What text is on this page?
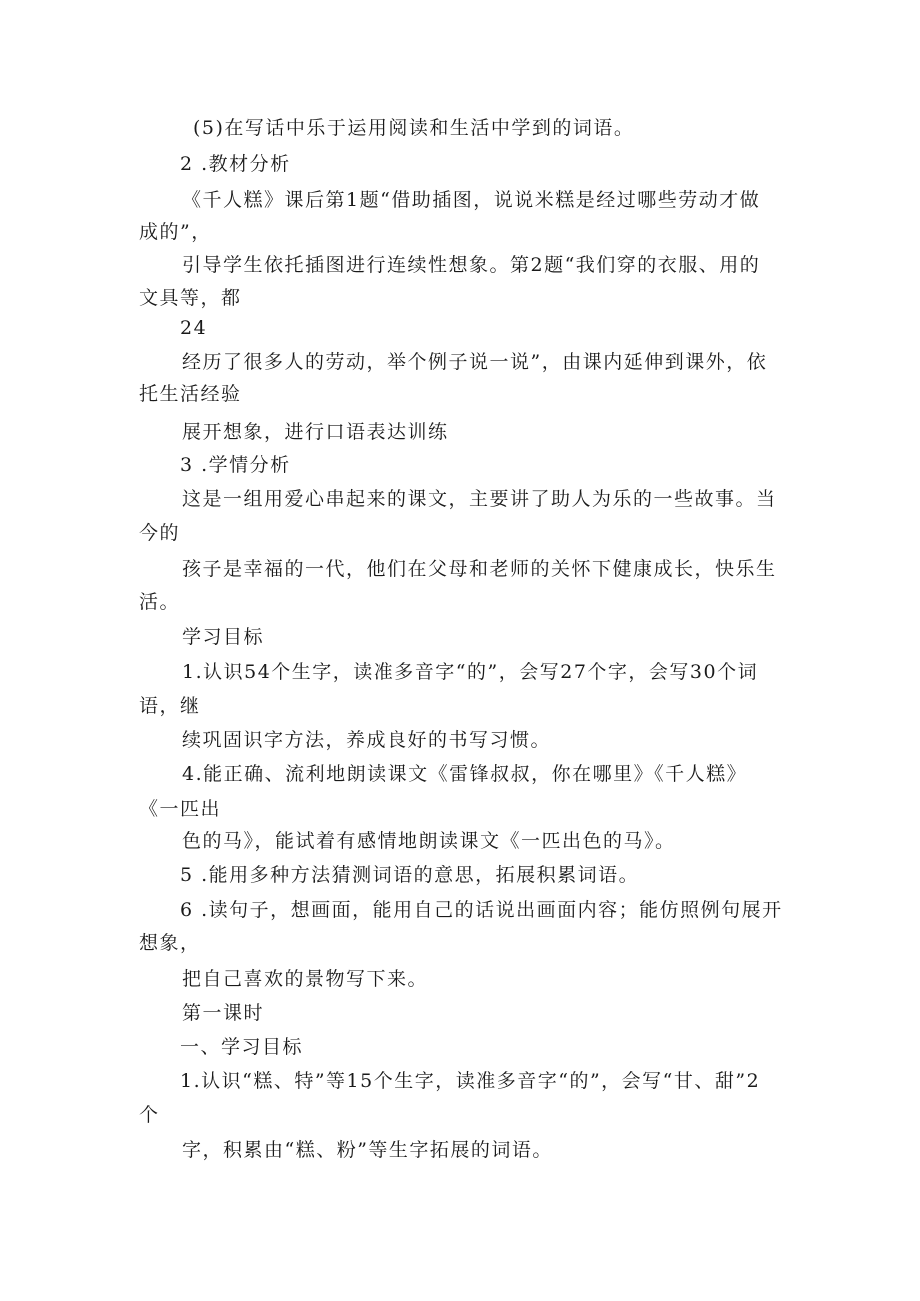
(5)在写话中乐于运用阅读和生活中学到的词语。
2 .教材分析
《千人糕》课后第1题“借助插图，说说米糕是经过哪些劳动才做
成的”，
引导学生依托插图进行连续性想象。第2题“我们穿的衣服、用的
文具等，都
24
经历了很多人的劳动，举个例子说一说”，由课内延伸到课外，依
托生活经验
展开想象，进行口语表达训练
3 .学情分析
这是一组用爱心串起来的课文，主要讲了助人为乐的一些故事。当
今的
孩子是幸福的一代，他们在父母和老师的关怀下健康成长，快乐生
活。
学习目标
1.认识54个生字，读准多音字“的”，会写27个字，会写30个词
语，继
续巩固识字方法，养成良好的书写习惯。
4.能正确、流利地朗读课文《雷锋叔叔，你在哪里》《千人糕》
《一匹出
色的马》，能试着有感情地朗读课文《一匹出色的马》。
5 .能用多种方法猜测词语的意思，拓展积累词语。
6 .读句子，想画面，能用自己的话说出画面内容；能仿照例句展开
想象，
把自己喜欢的景物写下来。
第一课时
一、学习目标
1.认识“糕、特”等15个生字，读准多音字“的”，会写“甘、甜”2
个
字，积累由“糕、粉”等生字拓展的词语。
